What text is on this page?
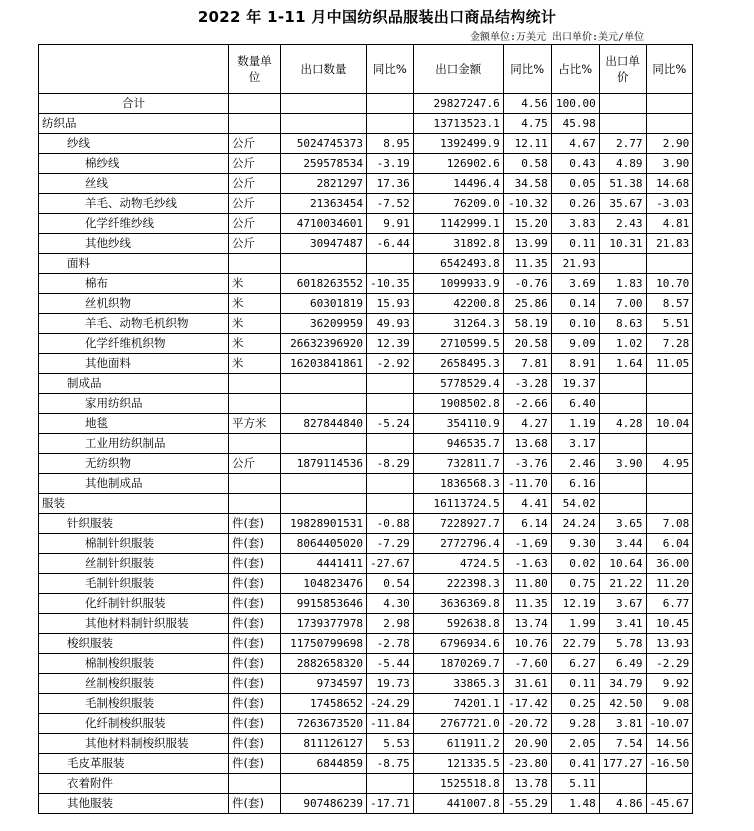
2022 年 1-11 月中国纺织品服装出口商品结构统计
金额单位:万美元 出口单价:美元/单位
	数量单位	出口数量	同比%	出口金额	同比%	占比%	出口单价	同比%
合计				29827247.6	4.56	100.00		
纺织品				13713523.1	4.75	45.98		
纱线	公斤	5024745373	8.95	1392499.9	12.11	4.67	2.77	2.90
棉纱线	公斤	259578534	-3.19	126902.6	0.58	0.43	4.89	3.90
丝线	公斤	2821297	17.36	14496.4	34.58	0.05	51.38	14.68
羊毛、动物毛纱线	公斤	21363454	-7.52	76209.0	-10.32	0.26	35.67	-3.03
化学纤维纱线	公斤	4710034601	9.91	1142999.1	15.20	3.83	2.43	4.81
其他纱线	公斤	30947487	-6.44	31892.8	13.99	0.11	10.31	21.83
面料				6542493.8	11.35	21.93		
棉布	米	6018263552	-10.35	1099933.9	-0.76	3.69	1.83	10.70
丝机织物	米	60301819	15.93	42200.8	25.86	0.14	7.00	8.57
羊毛、动物毛机织物	米	36209959	49.93	31264.3	58.19	0.10	8.63	5.51
化学纤维机织物	米	26632396920	12.39	2710599.5	20.58	9.09	1.02	7.28
其他面料	米	16203841861	-2.92	2658495.3	7.81	8.91	1.64	11.05
制成品				5778529.4	-3.28	19.37		
家用纺织品				1908502.8	-2.66	6.40		
地毯	平方米	827844840	-5.24	354110.9	4.27	1.19	4.28	10.04
工业用纺织制品				946535.7	13.68	3.17		
无纺织物	公斤	1879114536	-8.29	732811.7	-3.76	2.46	3.90	4.95
其他制成品				1836568.3	-11.70	6.16		
服装				16113724.5	4.41	54.02		
针织服装	件(套)	19828901531	-0.88	7228927.7	6.14	24.24	3.65	7.08
棉制针织服装	件(套)	8064405020	-7.29	2772796.4	-1.69	9.30	3.44	6.04
丝制针织服装	件(套)	4441411	-27.67	4724.5	-1.63	0.02	10.64	36.00
毛制针织服装	件(套)	104823476	0.54	222398.3	11.80	0.75	21.22	11.20
化纤制针织服装	件(套)	9915853646	4.30	3636369.8	11.35	12.19	3.67	6.77
其他材料制针织服装	件(套)	1739377978	2.98	592638.8	13.74	1.99	3.41	10.45
梭织服装	件(套)	11750799698	-2.78	6796934.6	10.76	22.79	5.78	13.93
棉制梭织服装	件(套)	2882658320	-5.44	1870269.7	-7.60	6.27	6.49	-2.29
丝制梭织服装	件(套)	9734597	19.73	33865.3	31.61	0.11	34.79	9.92
毛制梭织服装	件(套)	17458652	-24.29	74201.1	-17.42	0.25	42.50	9.08
化纤制梭织服装	件(套)	7263673520	-11.84	2767721.0	-20.72	9.28	3.81	-10.07
其他材料制梭织服装	件(套)	811126127	5.53	611911.2	20.90	2.05	7.54	14.56
毛皮革服装	件(套)	6844859	-8.75	121335.5	-23.80	0.41	177.27	-16.50
衣着附件				1525518.8	13.78	5.11		
其他服装	件(套)	907486239	-17.71	441007.8	-55.29	1.48	4.86	-45.67
